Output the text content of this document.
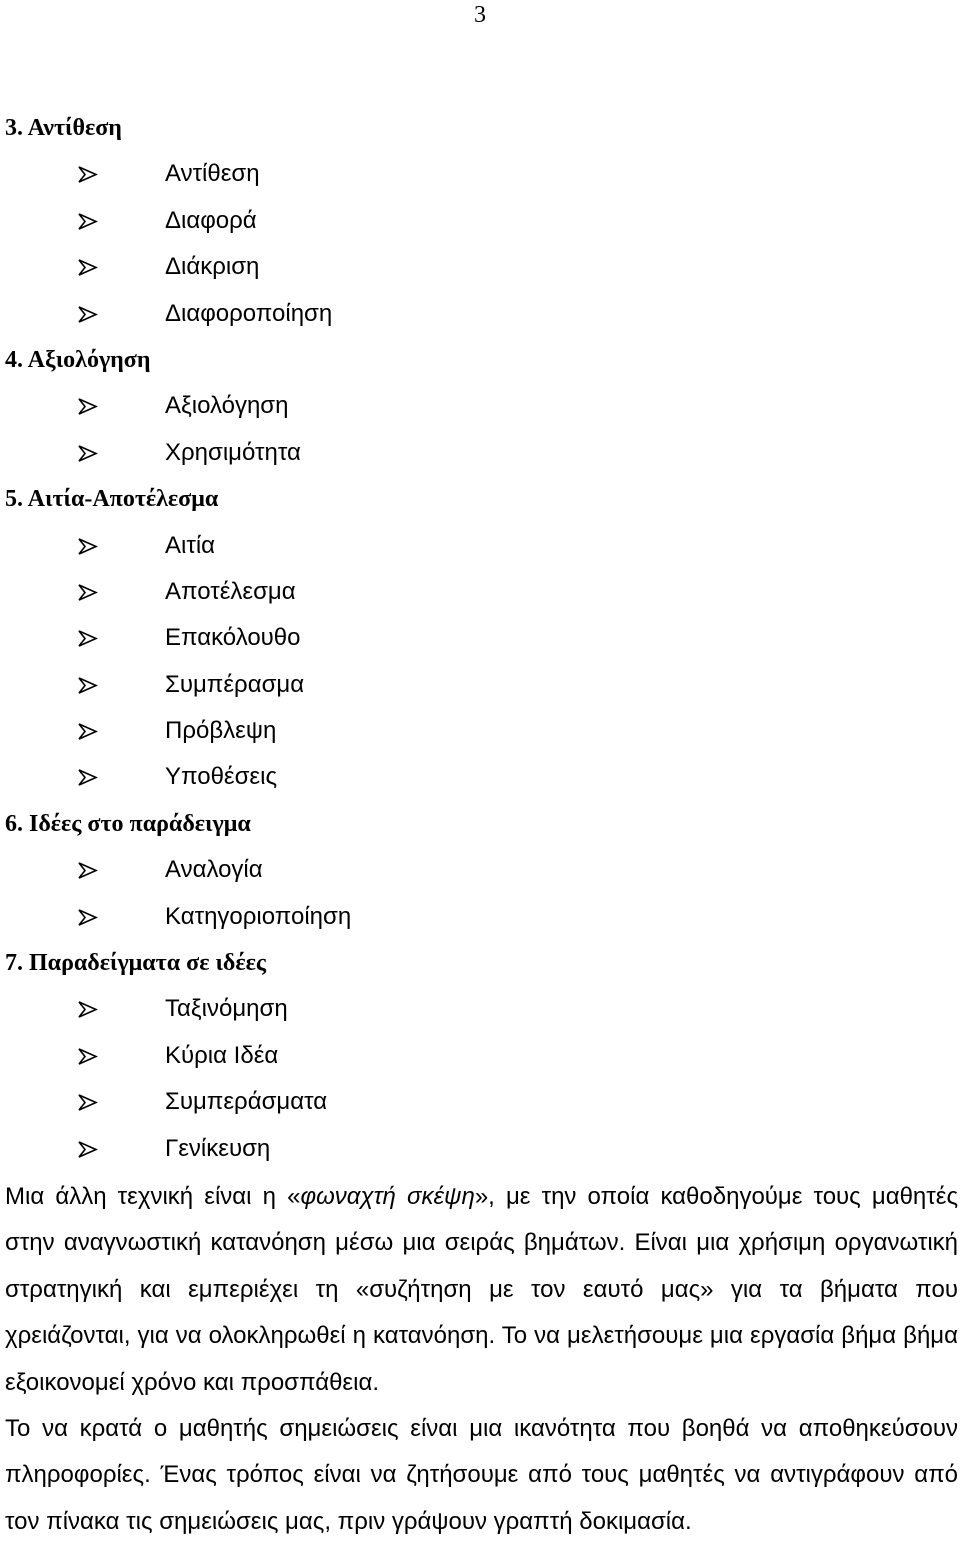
3
3. Αντίθεση
Αντίθεση
Διαφορά
Διάκριση
Διαφοροποίηση
4. Αξιολόγηση
Αξιολόγηση
Χρησιμότητα
5. Αιτία-Αποτέλεσμα
Αιτία
Αποτέλεσμα
Επακόλουθο
Συμπέρασμα
Πρόβλεψη
Υποθέσεις
6. Ιδέες στο παράδειγμα
Αναλογία
Κατηγοριοποίηση
7. Παραδείγματα σε ιδέες
Ταξινόμηση
Κύρια Ιδέα
Συμπεράσματα
Γενίκευση

Μια άλλη τεχνική είναι η «φωναχτή σκέψη», με την οποία καθοδηγούμε τους μαθητές στην αναγνωστική κατανόηση μέσω μια σειράς βημάτων. Είναι μια χρήσιμη οργανωτική στρατηγική και εμπεριέχει τη «συζήτηση με τον εαυτό μας» για τα βήματα που χρειάζονται, για να ολοκληρωθεί η κατανόηση. Το να μελετήσουμε μια εργασία βήμα βήμα εξοικονομεί χρόνο και προσπάθεια.

Το να κρατά ο μαθητής σημειώσεις είναι μια ικανότητα που βοηθά να αποθηκεύσουν πληροφορίες. Ένας τρόπος είναι να ζητήσουμε από τους μαθητές να αντιγράφουν από τον πίνακα τις σημειώσεις μας, πριν γράψουν γραπτή δοκιμασία.
